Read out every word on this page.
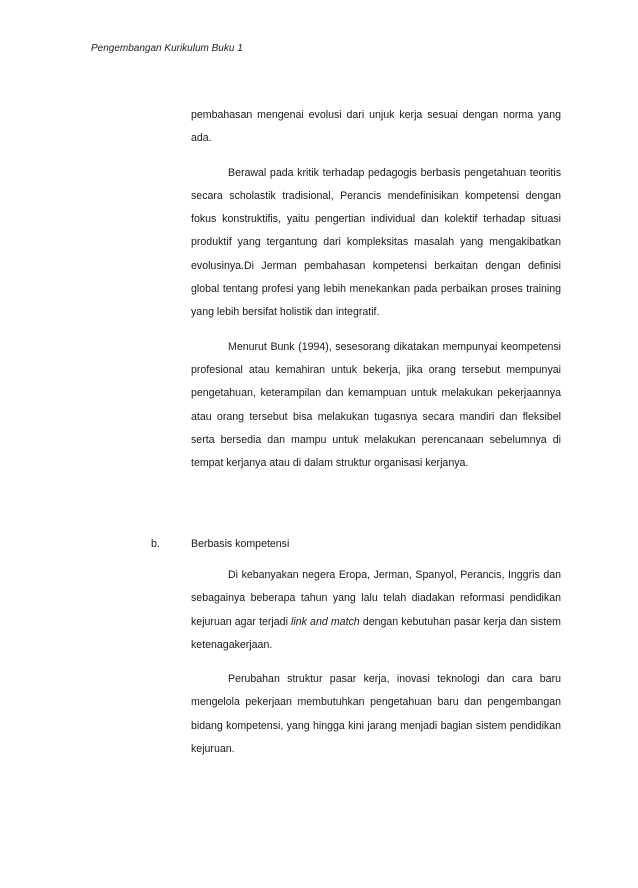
Pengembangan Kurikulum Buku 1

pembahasan mengenai evolusi dari unjuk kerja sesuai dengan norma yang ada.

Berawal pada kritik terhadap pedagogis berbasis pengetahuan teoritis secara scholastik tradisional, Perancis mendefinisikan kompetensi dengan fokus konstruktifis, yaitu pengertian individual dan kolektif terhadap situasi produktif yang tergantung dari kompleksitas masalah yang mengakibatkan evolusinya.Di Jerman pembahasan kompetensi berkaitan dengan definisi global tentang profesi yang lebih menekankan pada perbaikan proses training yang lebih bersifat holistik dan integratif.

Menurut Bunk (1994), sesesorang dikatakan mempunyai keompetensi profesional atau kemahiran untuk bekerja, jika orang tersebut mempunyai pengetahuan, keterampilan dan kemampuan untuk melakukan pekerjaannya atau orang tersebut bisa melakukan tugasnya secara mandiri dan fleksibel serta bersedia dan mampu untuk melakukan perencanaan sebelumnya di tempat kerjanya atau di dalam struktur organisasi kerjanya.

b.	Berbasis kompetensi

Di kebanyakan negera Eropa, Jerman, Spanyol, Perancis, Inggris dan sebagainya beberapa tahun yang lalu telah diadakan reformasi pendidikan kejuruan agar terjadi link and match dengan kebutuhan pasar kerja dan sistem ketenagakerjaan.

Perubahan struktur pasar kerja, inovasi teknologi dan cara baru mengelola pekerjaan membutuhkan pengetahuan baru dan pengembangan bidang kompetensi, yang hingga kini jarang menjadi bagian sistem pendidikan kejuruan.
